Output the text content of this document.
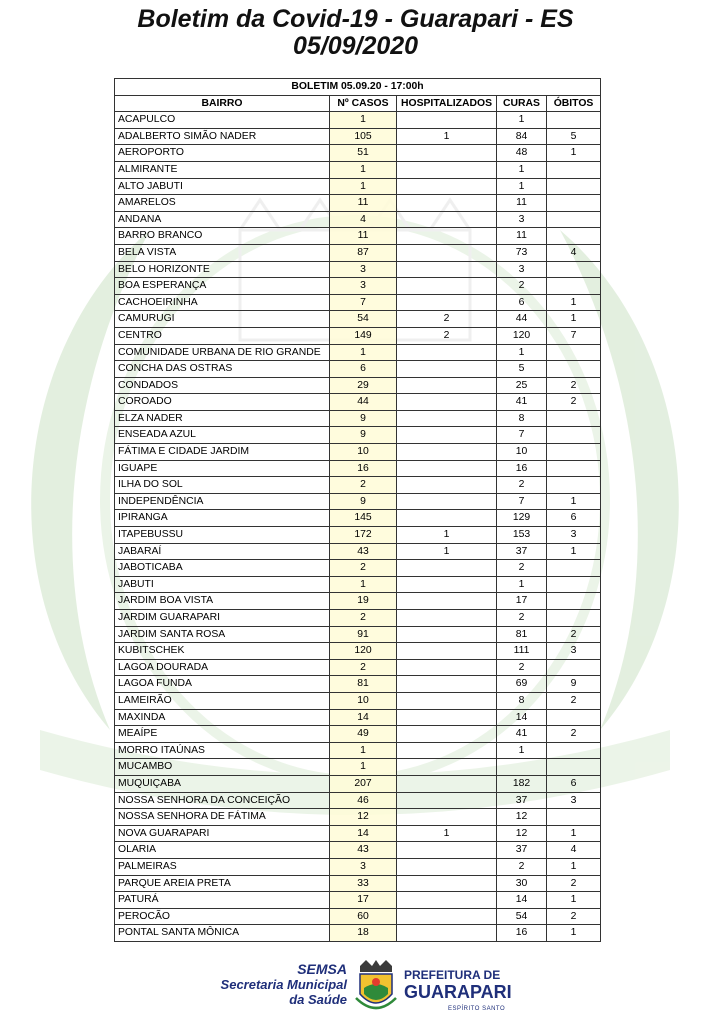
Boletim da Covid-19 - Guarapari - ES
05/09/2020
BOLETIM 05.09.20 - 17:00h				
BAIRRO	Nº CASOS	HOSPITALIZADOS	CURAS	ÓBITOS
ACAPULCO	1		1	
ADALBERTO SIMÃO NADER	105	1	84	5
AEROPORTO	51		48	1
ALMIRANTE	1		1	
ALTO JABUTI	1		1	
AMARELOS	11		11	
ANDANA	4		3	
BARRO BRANCO	11		11	
BELA VISTA	87		73	4
BELO HORIZONTE	3		3	
BOA ESPERANÇA	3		2	
CACHOEIRINHA	7		6	1
CAMURUGI	54	2	44	1
CENTRO	149	2	120	7
COMUNIDADE URBANA DE RIO GRANDE	1		1	
CONCHA DAS OSTRAS	6		5	
CONDADOS	29		25	2
COROADO	44		41	2
ELZA NADER	9		8	
ENSEADA AZUL	9		7	
FÁTIMA E CIDADE JARDIM	10		10	
IGUAPE	16		16	
ILHA DO SOL	2		2	
INDEPENDÊNCIA	9		7	1
IPIRANGA	145		129	6
ITAPEBUSSU	172	1	153	3
JABARAÍ	43	1	37	1
JABOTICABA	2		2	
JABUTI	1		1	
JARDIM BOA VISTA	19		17	
JARDIM GUARAPARI	2		2	
JARDIM SANTA ROSA	91		81	2
KUBITSCHEK	120		111	3
LAGOA DOURADA	2		2	
LAGOA FUNDA	81		69	9
LAMEIRÃO	10		8	2
MAXINDA	14		14	
MEAÍPE	49		41	2
MORRO ITAÚNAS	1		1	
MUCAMBO	1			
MUQUIÇABA	207		182	6
NOSSA SENHORA DA CONCEIÇÃO	46		37	3
NOSSA SENHORA DE FÁTIMA	12		12	
NOVA GUARAPARI	14	1	12	1
OLARIA	43		37	4
PALMEIRAS	3		2	1
PARQUE AREIA PRETA	33		30	2
PATURÁ	17		14	1
PEROCÃO	60		54	2
PONTAL SANTA MÔNICA	18		16	1
SEMSA
Secretaria Municipal
da Saúde
PREFEITURA DE
GUARAPARI
ESPÍRITO SANTO
